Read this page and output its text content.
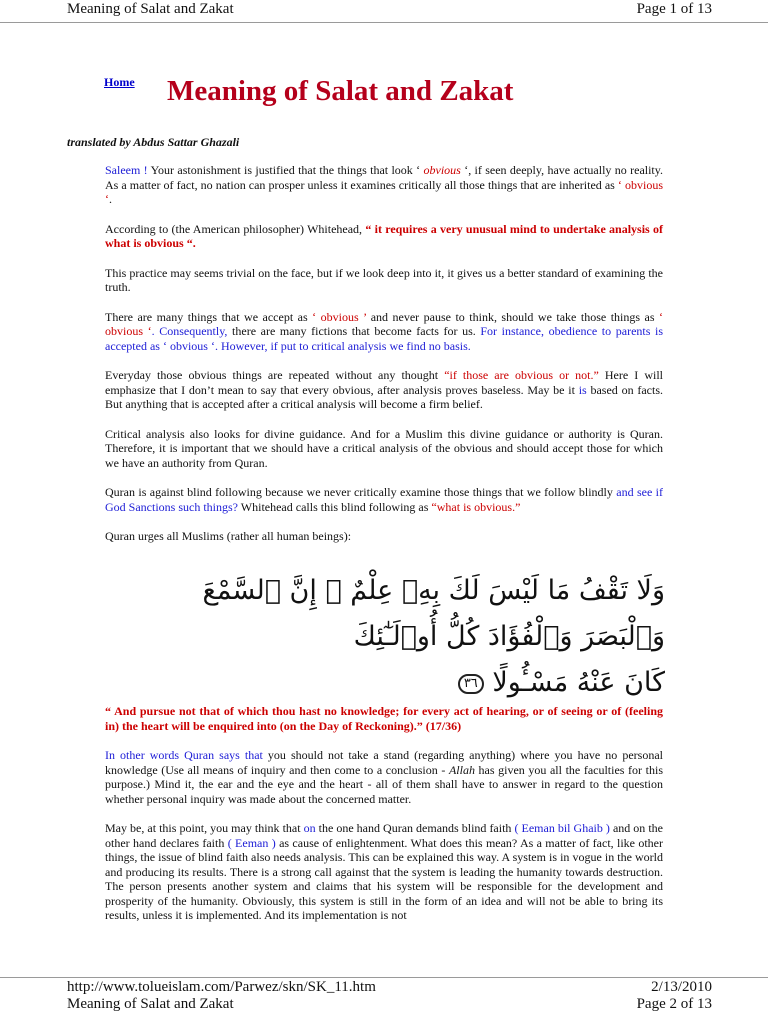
Meaning of Salat and Zakat	Page 1 of 13
Home Meaning of Salat and Zakat
translated by Abdus Sattar Ghazali

Saleem ! Your astonishment is justified that the things that look ‘ obvious ‘, if seen deeply, have actually no reality. As a matter of fact, no nation can prosper unless it examines critically all those things that are inherited as ‘ obvious ‘.

According to (the American philosopher) Whitehead, “ it requires a very unusual mind to undertake analysis of what is obvious “.

This practice may seems trivial on the face, but if we look deep into it, it gives us a better standard of examining the truth.

There are many things that we accept as ‘ obvious ’ and never pause to think, should we take those things as ‘ obvious ‘. Consequently, there are many fictions that become facts for us. For instance, obedience to parents is accepted as ‘ obvious ‘. However, if put to critical analysis we find no basis.

Everyday those obvious things are repeated without any thought “if those are obvious or not.” Here I will emphasize that I don’t mean to say that every obvious, after analysis proves baseless. May be it is based on facts. But anything that is accepted after a critical analysis will become a firm belief.

Critical analysis also looks for divine guidance. And for a Muslim this divine guidance or authority is Quran. Therefore, it is important that we should have a critical analysis of the obvious and should accept those for which we have an authority from Quran.

Quran is against blind following because we never critically examine those things that we follow blindly and see if God Sanctions such things? Whitehead calls this blind following as “what is obvious.”

Quran urges all Muslims (rather all human beings):

وَلَا تَقْفُ مَا لَيْسَ لَكَ بِهِۦ عِلْمٌ ۚ إِنَّ ٱلسَّمْعَ وَٱلْبَصَرَ وَٱلْفُؤَادَ كُلُّ أُو۟لَـٰٓئِكَ
كَانَ عَنْهُ مَسْـُٔولًا ٣٦

“ And pursue not that of which thou hast no knowledge; for every act of hearing, or of seeing or of (feeling in) the heart will be enquired into (on the Day of Reckoning).” (17/36)

In other words Quran says that you should not take a stand (regarding anything) where you have no personal knowledge (Use all means of inquiry and then come to a conclusion - Allah has given you all the faculties for this purpose.) Mind it, the ear and the eye and the heart - all of them shall have to answer in regard to the question whether personal inquiry was made about the concerned matter.

May be, at this point, you may think that on the one hand Quran demands blind faith ( Eeman bil Ghaib ) and on the other hand declares faith ( Eeman ) as cause of enlightenment. What does this mean? As a matter of fact, like other things, the issue of blind faith also needs analysis. This can be explained this way. A system is in vogue in the world and producing its results. There is a strong call against that the system is leading the humanity towards destruction. The person presents another system and claims that his system will be responsible for the development and prosperity of the humanity. Obviously, this system is still in the form of an idea and will not be able to bring its results, unless it is implemented. And its implementation is not

http://www.tolueislam.com/Parwez/skn/SK_11.htm	2/13/2010
Meaning of Salat and Zakat	Page 2 of 13
